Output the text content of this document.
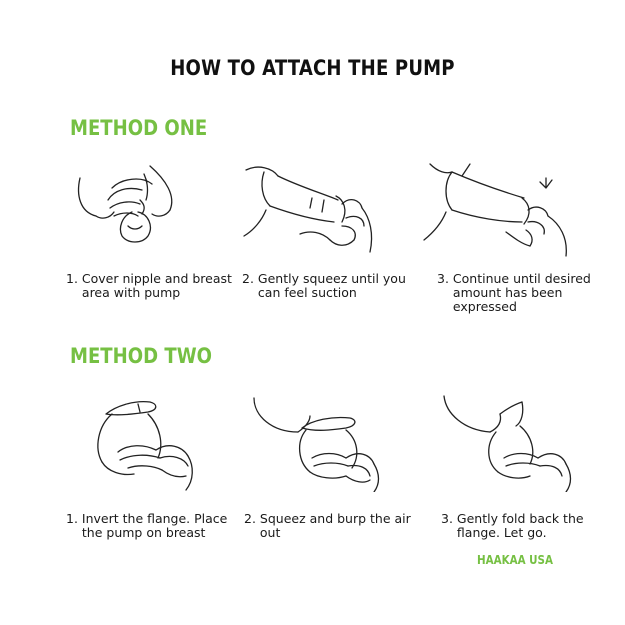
HOW TO ATTACH THE PUMP
METHOD ONE
1. Cover nipple and breast area with pump
2. Gently squeez until you can feel suction
3. Continue until desired amount has been expressed
METHOD TWO
1. Invert the flange. Place the pump on breast
2. Squeez and burp the air out
3. Gently fold back the flange. Let go.
HAAKAA USA
